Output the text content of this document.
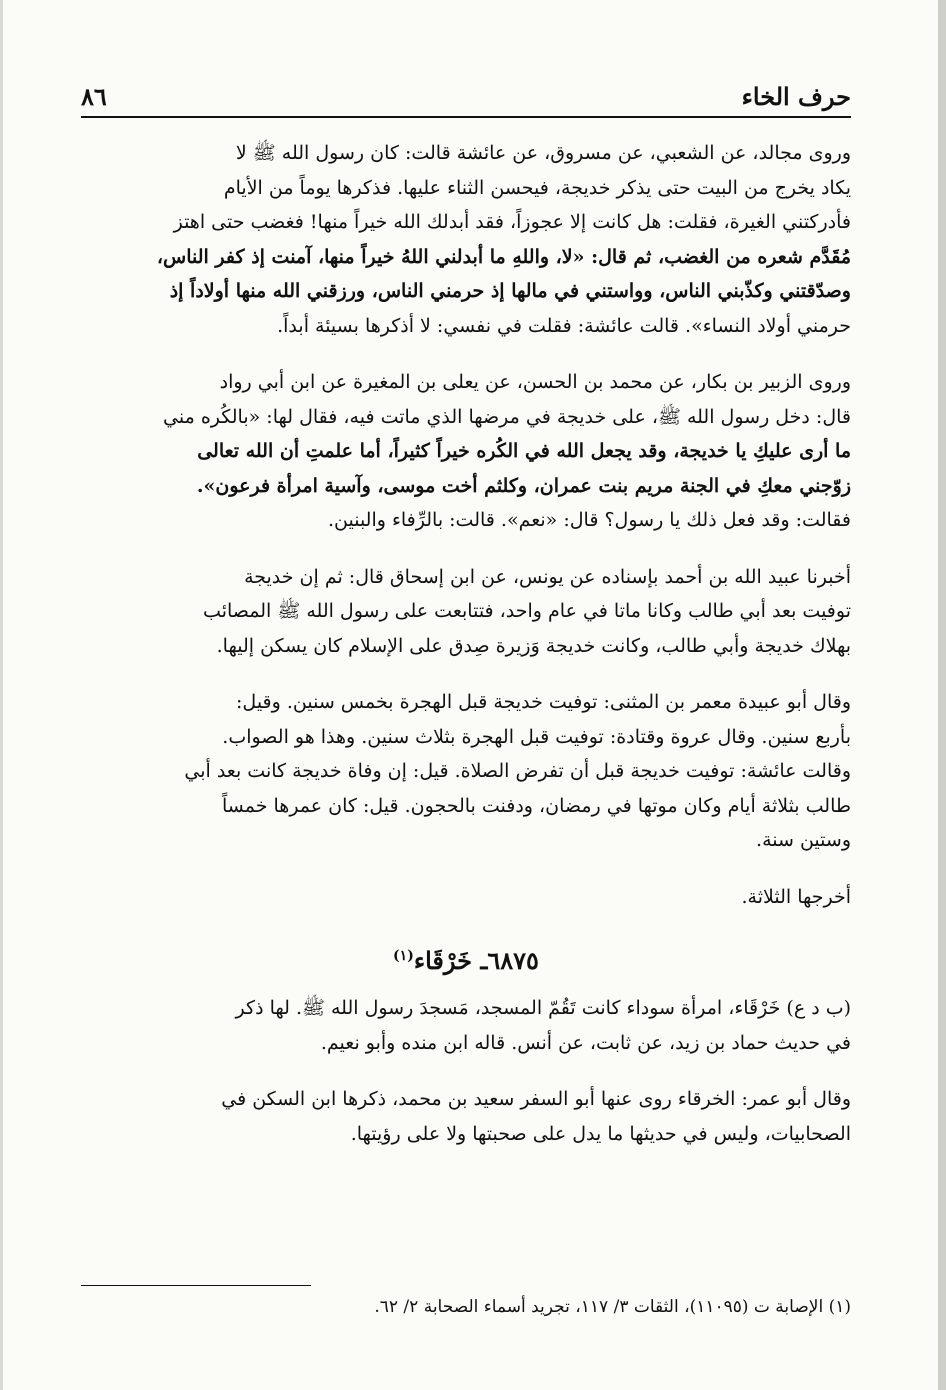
٨٦	حرف الخاء
وروى مجالد، عن الشعبي، عن مسروق، عن عائشة قالت: كان رسول الله ﷺ لا
يكاد يخرج من البيت حتى يذكر خديجة، فيحسن الثناء عليها. فذكرها يوماً من الأيام
فأدركتني الغيرة، فقلت: هل كانت إلا عجوزاً، فقد أبدلك الله خيراً منها! فغضب حتى اهتز
مُقَدَّم شعره من الغضب، ثم قال: «لا، واللهِ ما أبدلني اللهُ خيراً منها، آمنت إذ كفر الناس،
وصدّقتني وكذّبني الناس، وواستني في مالها إذ حرمني الناس، ورزقني الله منها أولاداً إذ
حرمني أولاد النساء». قالت عائشة: فقلت في نفسي: لا أذكرها بسيئة أبداً.
وروى الزبير بن بكار، عن محمد بن الحسن، عن يعلى بن المغيرة عن ابن أبي رواد
قال: دخل رسول الله ﷺ، على خديجة في مرضها الذي ماتت فيه، فقال لها: «بالكُره مني
ما أرى عليكِ يا خديجة، وقد يجعل الله في الكُره خيراً كثيراً، أما علمتِ أن الله تعالى
زوّجني معكِ في الجنة مريم بنت عمران، وكلثم أخت موسى، وآسية امرأة فرعون».
فقالت: وقد فعل ذلك يا رسول؟ قال: «نعم». قالت: بالرِّفاء والبنين.
أخبرنا عبيد الله بن أحمد بإسناده عن يونس، عن ابن إسحاق قال: ثم إن خديجة
توفيت بعد أبي طالب وكانا ماتا في عام واحد، فتتابعت على رسول الله ﷺ المصائب
بهلاك خديجة وأبي طالب، وكانت خديجة وَزيرة صِدق على الإسلام كان يسكن إليها.
وقال أبو عبيدة معمر بن المثنى: توفيت خديجة قبل الهجرة بخمس سنين. وقيل:
بأربع سنين. وقال عروة وقتادة: توفيت قبل الهجرة بثلاث سنين. وهذا هو الصواب.
وقالت عائشة: توفيت خديجة قبل أن تفرض الصلاة. قيل: إن وفاة خديجة كانت بعد أبي
طالب بثلاثة أيام وكان موتها في رمضان، ودفنت بالحجون. قيل: كان عمرها خمساً
وستين سنة.
أخرجها الثلاثة.
٦٨٧٥ـ خَرْقَاء$^{(١)}$
(ب د ع) خَرْقَاء، امرأة سوداء كانت تَقُمّ المسجد، مَسجدَ رسول الله ﷺ. لها ذكر
في حديث حماد بن زيد، عن ثابت، عن أنس. قاله ابن منده وأبو نعيم.
وقال أبو عمر: الخرقاء روى عنها أبو السفر سعيد بن محمد، ذكرها ابن السكن في
الصحابيات، وليس في حديثها ما يدل على صحبتها ولا على رؤيتها.
(١) الإصابة ت (١١٠٩٥)، الثقات ٣/ ١١٧، تجريد أسماء الصحابة ٢/ ٦٢.
